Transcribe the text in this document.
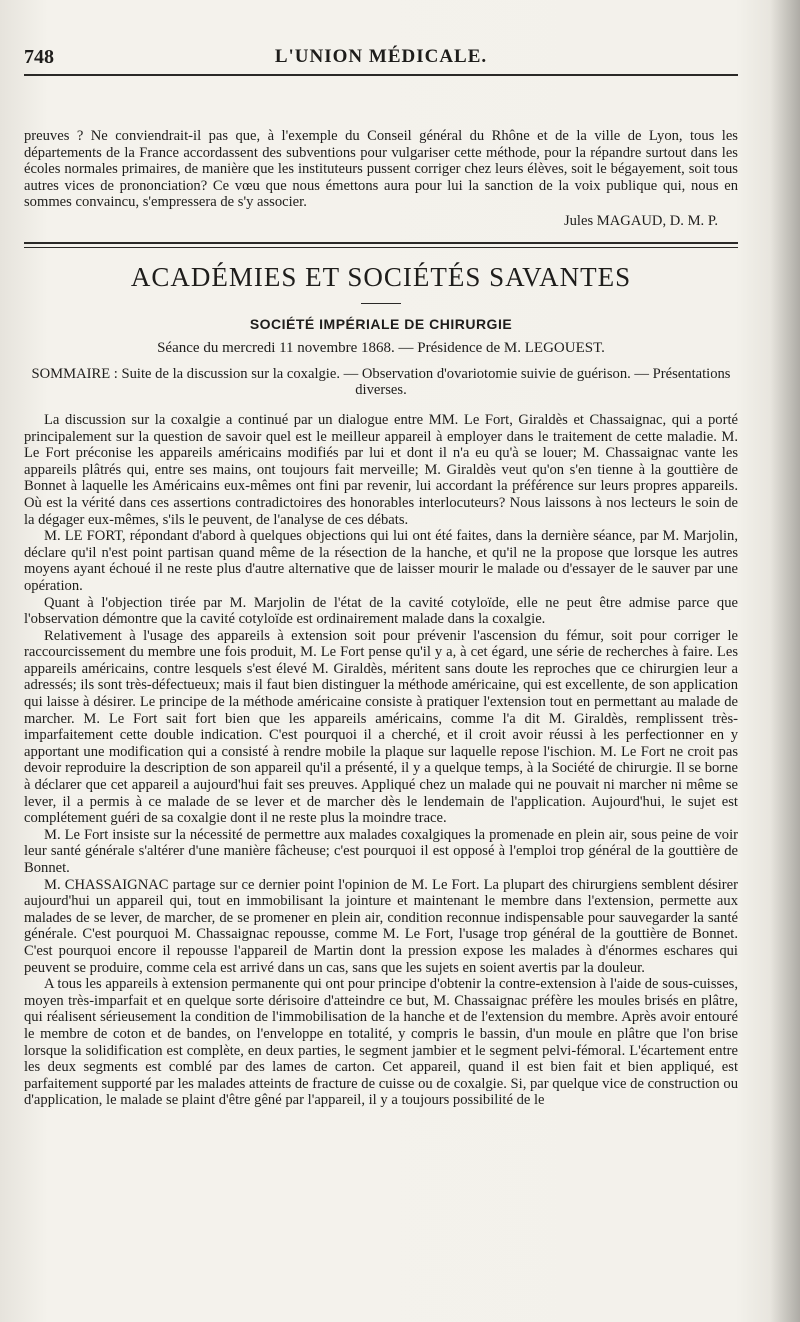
748	L'UNION MÉDICALE.

preuves ? Ne conviendrait-il pas que, à l'exemple du Conseil général du Rhône et de la ville de Lyon, tous les départements de la France accordassent des subventions pour vulgariser cette méthode, pour la répandre surtout dans les écoles normales primaires, de manière que les instituteurs pussent corriger chez leurs élèves, soit le bégayement, soit tous autres vices de prononciation? Ce vœu que nous émettons aura pour lui la sanction de la voix publique qui, nous en sommes convaincu, s'empressera de s'y associer.

Jules MAGAUD, D. M. P.
ACADÉMIES ET SOCIÉTÉS SAVANTES
SOCIÉTÉ IMPÉRIALE DE CHIRURGIE
Séance du mercredi 11 novembre 1868. — Présidence de M. LEGOUEST.
SOMMAIRE : Suite de la discussion sur la coxalgie. — Observation d'ovariotomie suivie de guérison. — Présentations diverses.

La discussion sur la coxalgie a continué par un dialogue entre MM. Le Fort, Giraldès et Chassaignac, qui a porté principalement sur la question de savoir quel est le meilleur appareil à employer dans le traitement de cette maladie. M. Le Fort préconise les appareils américains modifiés par lui et dont il n'a eu qu'à se louer; M. Chassaignac vante les appareils plâtrés qui, entre ses mains, ont toujours fait merveille; M. Giraldès veut qu'on s'en tienne à la gouttière de Bonnet à laquelle les Américains eux-mêmes ont fini par revenir, lui accordant la préférence sur leurs propres appareils. Où est la vérité dans ces assertions contradictoires des honorables interlocuteurs? Nous laissons à nos lecteurs le soin de la dégager eux-mêmes, s'ils le peuvent, de l'analyse de ces débats.

M. LE FORT, répondant d'abord à quelques objections qui lui ont été faites, dans la dernière séance, par M. Marjolin, déclare qu'il n'est point partisan quand même de la résection de la hanche, et qu'il ne la propose que lorsque les autres moyens ayant échoué il ne reste plus d'autre alternative que de laisser mourir le malade ou d'essayer de le sauver par une opération.

Quant à l'objection tirée par M. Marjolin de l'état de la cavité cotyloïde, elle ne peut être admise parce que l'observation démontre que la cavité cotyloïde est ordinairement malade dans la coxalgie.

Relativement à l'usage des appareils à extension soit pour prévenir l'ascension du fémur, soit pour corriger le raccourcissement du membre une fois produit, M. Le Fort pense qu'il y a, à cet égard, une série de recherches à faire. Les appareils américains, contre lesquels s'est élevé M. Giraldès, méritent sans doute les reproches que ce chirurgien leur a adressés; ils sont très-défectueux; mais il faut bien distinguer la méthode américaine, qui est excellente, de son application qui laisse à désirer. Le principe de la méthode américaine consiste à pratiquer l'extension tout en permettant au malade de marcher. M. Le Fort sait fort bien que les appareils américains, comme l'a dit M. Giraldès, remplissent très-imparfaitement cette double indication. C'est pourquoi il a cherché, et il croit avoir réussi à les perfectionner en y apportant une modification qui a consisté à rendre mobile la plaque sur laquelle repose l'ischion. M. Le Fort ne croit pas devoir reproduire la description de son appareil qu'il a présenté, il y a quelque temps, à la Société de chirurgie. Il se borne à déclarer que cet appareil a aujourd'hui fait ses preuves. Appliqué chez un malade qui ne pouvait ni marcher ni même se lever, il a permis à ce malade de se lever et de marcher dès le lendemain de l'application. Aujourd'hui, le sujet est complétement guéri de sa coxalgie dont il ne reste plus la moindre trace.

M. Le Fort insiste sur la nécessité de permettre aux malades coxalgiques la promenade en plein air, sous peine de voir leur santé générale s'altérer d'une manière fâcheuse; c'est pourquoi il est opposé à l'emploi trop général de la gouttière de Bonnet.

M. CHASSAIGNAC partage sur ce dernier point l'opinion de M. Le Fort. La plupart des chirurgiens semblent désirer aujourd'hui un appareil qui, tout en immobilisant la jointure et maintenant le membre dans l'extension, permette aux malades de se lever, de marcher, de se promener en plein air, condition reconnue indispensable pour sauvegarder la santé générale. C'est pourquoi M. Chassaignac repousse, comme M. Le Fort, l'usage trop général de la gouttière de Bonnet. C'est pourquoi encore il repousse l'appareil de Martin dont la pression expose les malades à d'énormes eschares qui peuvent se produire, comme cela est arrivé dans un cas, sans que les sujets en soient avertis par la douleur.

A tous les appareils à extension permanente qui ont pour principe d'obtenir la contre-extension à l'aide de sous-cuisses, moyen très-imparfait et en quelque sorte dérisoire d'atteindre ce but, M. Chassaignac préfère les moules brisés en plâtre, qui réalisent sérieusement la condition de l'immobilisation de la hanche et de l'extension du membre. Après avoir entouré le membre de coton et de bandes, on l'enveloppe en totalité, y compris le bassin, d'un moule en plâtre que l'on brise lorsque la solidification est complète, en deux parties, le segment jambier et le segment pelvi-fémoral. L'écartement entre les deux segments est comblé par des lames de carton. Cet appareil, quand il est bien fait et bien appliqué, est parfaitement supporté par les malades atteints de fracture de cuisse ou de coxalgie. Si, par quelque vice de construction ou d'application, le malade se plaint d'être gêné par l'appareil, il y a toujours possibilité de le
